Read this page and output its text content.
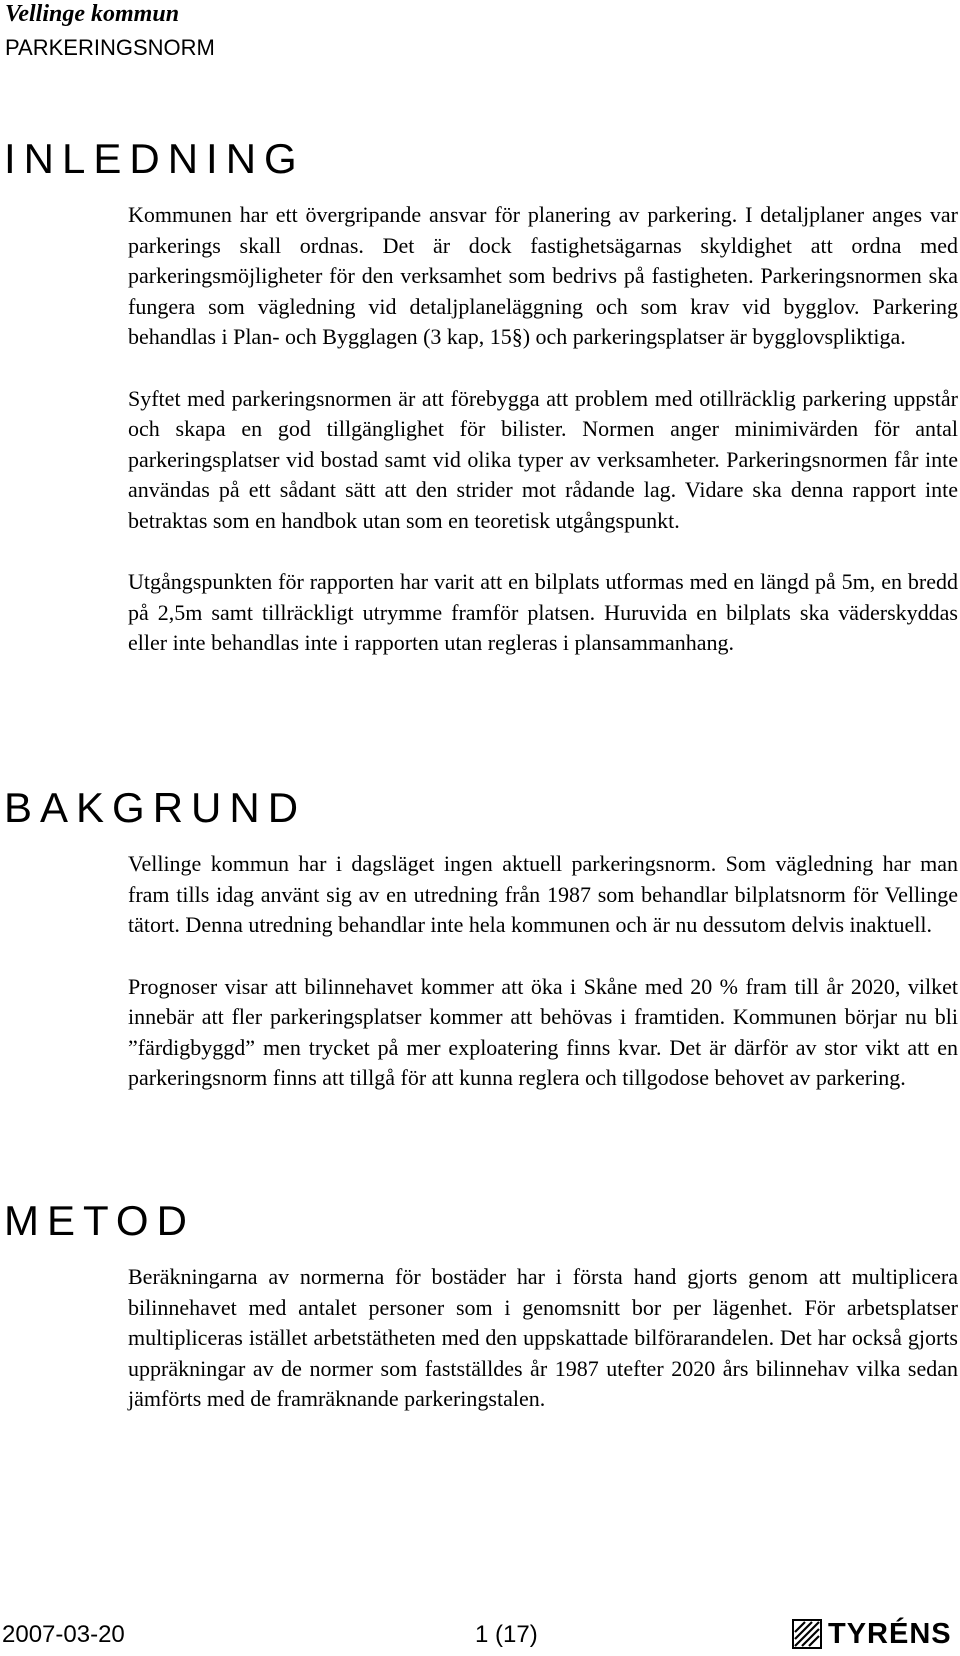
Vellinge kommun
PARKERINGSNORM
INLEDNING

Kommunen har ett övergripande ansvar för planering av parkering. I detaljplaner anges var parkerings skall ordnas. Det är dock fastighetsägarnas skyldighet att ordna med parkeringsmöjligheter för den verksamhet som bedrivs på fastigheten. Parkeringsnormen ska fungera som vägledning vid detaljplaneläggning och som krav vid bygglov. Parkering behandlas i Plan- och Bygglagen (3 kap, 15§) och parkeringsplatser är bygglovspliktiga.

Syftet med parkeringsnormen är att förebygga att problem med otillräcklig parkering uppstår och skapa en god tillgänglighet för bilister. Normen anger minimivärden för antal parkeringsplatser vid bostad samt vid olika typer av verksamheter. Parkeringsnormen får inte användas på ett sådant sätt att den strider mot rådande lag. Vidare ska denna rapport inte betraktas som en handbok utan som en teoretisk utgångspunkt.

Utgångspunkten för rapporten har varit att en bilplats utformas med en längd på 5m, en bredd på 2,5m samt tillräckligt utrymme framför platsen. Huruvida en bilplats ska väderskyddas eller inte behandlas inte i rapporten utan regleras i plansammanhang.

BAKGRUND

Vellinge kommun har i dagsläget ingen aktuell parkeringsnorm. Som vägledning har man fram tills idag använt sig av en utredning från 1987 som behandlar bilplatsnorm för Vellinge tätort. Denna utredning behandlar inte hela kommunen och är nu dessutom delvis inaktuell.

Prognoser visar att bilinnehavet kommer att öka i Skåne med 20 % fram till år 2020, vilket innebär att fler parkeringsplatser kommer att behövas i framtiden. Kommunen börjar nu bli ”färdigbyggd” men trycket på mer exploatering finns kvar. Det är därför av stor vikt att en parkeringsnorm finns att tillgå för att kunna reglera och tillgodose behovet av parkering.

METOD

Beräkningarna av normerna för bostäder har i första hand gjorts genom att multiplicera bilinnehavet med antalet personer som i genomsnitt bor per lägenhet. För arbetsplatser multipliceras istället arbetstätheten med den uppskattade bilförarandelen. Det har också gjorts uppräkningar av de normer som fastställdes år 1987 utefter 2020 års bilinnehav vilka sedan jämförts med de framräknande parkeringstalen.

2007-03-20	1 (17)	TYRÉNS
